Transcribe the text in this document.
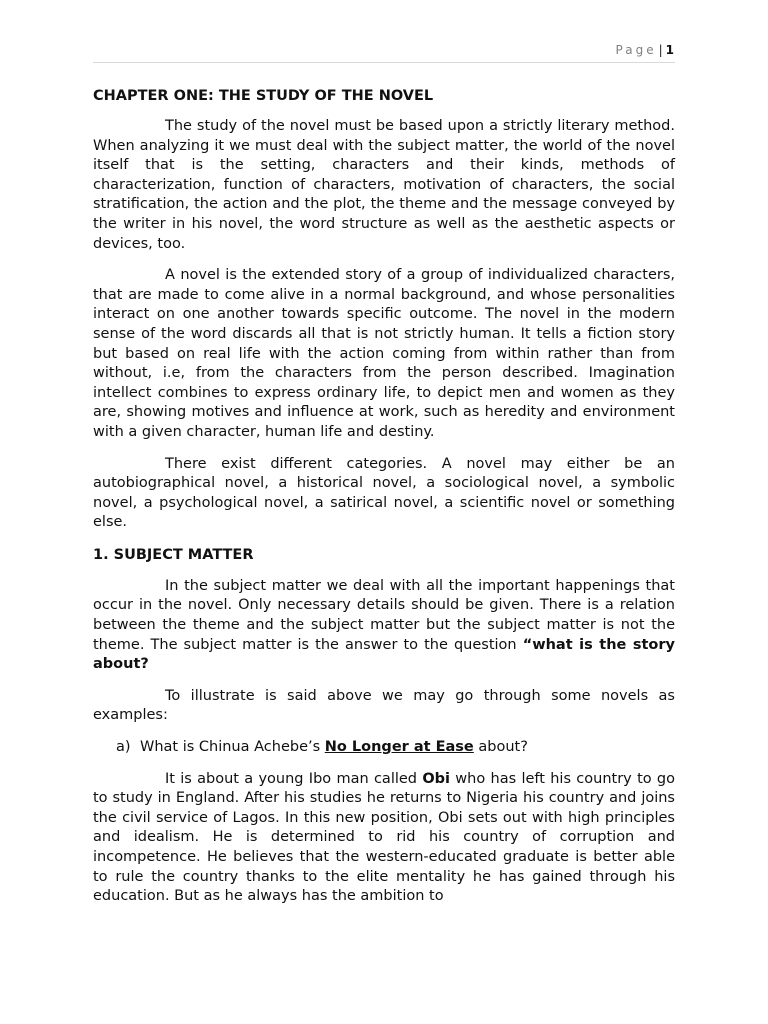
Page | 1
CHAPTER ONE: THE STUDY OF THE NOVEL

The study of the novel must be based upon a strictly literary method. When analyzing it we must deal with the subject matter, the world of the novel itself that is the setting, characters and their kinds, methods of characterization, function of characters, motivation of characters, the social stratification, the action and the plot, the theme and the message conveyed by the writer in his novel, the word structure as well as the aesthetic aspects or devices, too.

A novel is the extended story of a group of individualized characters, that are made to come alive in a normal background, and whose personalities interact on one another towards specific outcome. The novel in the modern sense of the word discards all that is not strictly human. It tells a fiction story but based on real life with the action coming from within rather than from without, i.e, from the characters from the person described. Imagination intellect combines to express ordinary life, to depict men and women as they are, showing motives and influence at work, such as heredity and environment with a given character, human life and destiny.

There exist different categories. A novel may either be an autobiographical novel, a historical novel, a sociological novel, a symbolic novel, a psychological novel, a satirical novel, a scientific novel or something else.

1. SUBJECT MATTER

In the subject matter we deal with all the important happenings that occur in the novel. Only necessary details should be given. There is a relation between the theme and the subject matter but the subject matter is not the theme. The subject matter is the answer to the question “what is the story about?

To illustrate is said above we may go through some novels as examples:

a) What is Chinua Achebe’s No Longer at Ease about?

It is about a young Ibo man called Obi who has left his country to go to study in England. After his studies he returns to Nigeria his country and joins the civil service of Lagos. In this new position, Obi sets out with high principles and idealism. He is determined to rid his country of corruption and incompetence. He believes that the western-educated graduate is better able to rule the country thanks to the elite mentality he has gained through his education. But as he always has the ambition to
